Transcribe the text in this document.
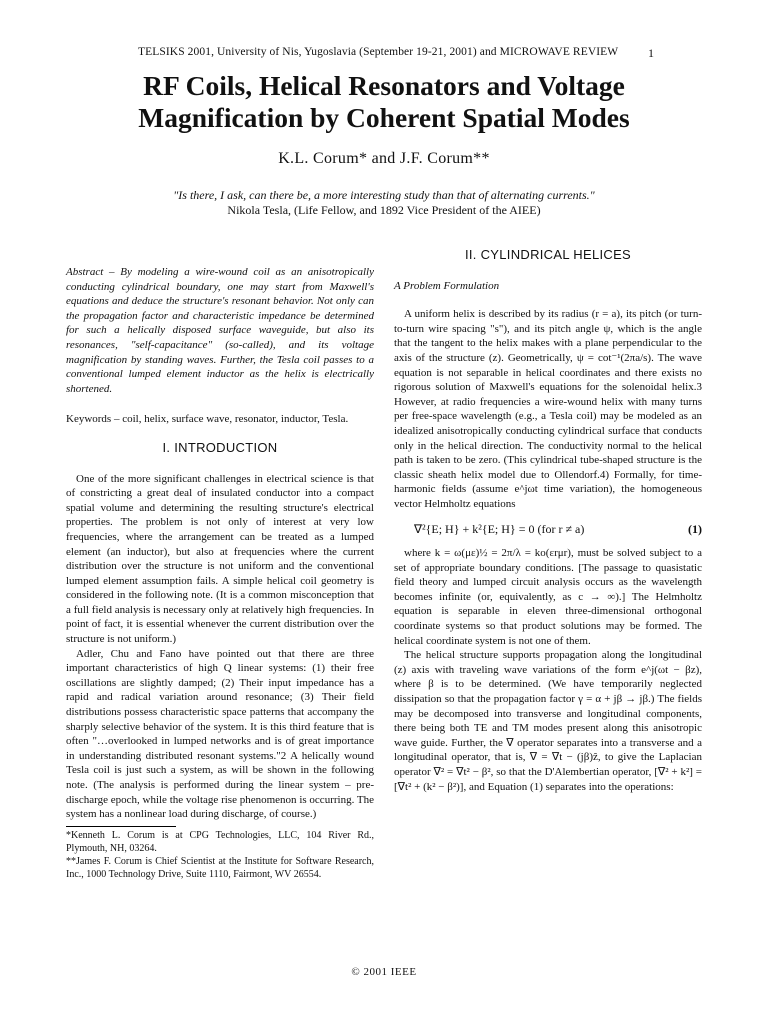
TELSIKS 2001, University of Nis, Yugoslavia (September 19-21, 2001) and MICROWAVE REVIEW	1
RF Coils, Helical Resonators and Voltage Magnification by Coherent Spatial Modes
K.L. Corum* and J.F. Corum**
"Is there, I ask, can there be, a more interesting study than that of alternating currents."
Nikola Tesla, (Life Fellow, and 1892 Vice President of the AIEE)

Abstract – By modeling a wire-wound coil as an anisotropically conducting cylindrical boundary, one may start from Maxwell's equations and deduce the structure's resonant behavior. Not only can the propagation factor and characteristic impedance be determined for such a helically disposed surface waveguide, but also its resonances, "self-capacitance" (so-called), and its voltage magnification by standing waves. Further, the Tesla coil passes to a conventional lumped element inductor as the helix is electrically shortened.

Keywords – coil, helix, surface wave, resonator, inductor, Tesla.

I. INTRODUCTION

One of the more significant challenges in electrical science is that of constricting a great deal of insulated conductor into a compact spatial volume and determining the resulting structure's electrical properties. The problem is not only of interest at very low frequencies, where the arrangement can be treated as a lumped element (an inductor), but also at frequencies where the current distribution over the structure is not uniform and the conventional lumped element assumption fails. A simple helical coil geometry is considered in the following note. (It is a common misconception that a full field analysis is necessary only at relatively high frequencies. In point of fact, it is essential whenever the current distribution over the structure is not uniform.)

Adler, Chu and Fano have pointed out that there are three important characteristics of high Q linear systems: (1) their free oscillations are slightly damped; (2) Their input impedance has a rapid and radical variation around resonance; (3) Their field distributions possess characteristic space patterns that accompany the sharply selective behavior of the system. It is this third feature that is often "…overlooked in lumped networks and is of great importance in understanding distributed resonant systems."2 A helically wound Tesla coil is just such a system, as will be shown in the following note. (The analysis is performed during the linear system – pre-discharge epoch, while the voltage rise phenomenon is occurring. The system has a nonlinear load during discharge, of course.)

*Kenneth L. Corum is at CPG Technologies, LLC, 104 River Rd., Plymouth, NH, 03264.

**James F. Corum is Chief Scientist at the Institute for Software Research, Inc., 1000 Technology Drive, Suite 1110, Fairmont, WV 26554.

II. CYLINDRICAL HELICES
A Problem Formulation

A uniform helix is described by its radius (r = a), its pitch (or turn-to-turn wire spacing "s"), and its pitch angle ψ, which is the angle that the tangent to the helix makes with a plane perpendicular to the axis of the structure (z). Geometrically, ψ = cot⁻¹(2πa/s). The wave equation is not separable in helical coordinates and there exists no rigorous solution of Maxwell's equations for the solenoidal helix.3 However, at radio frequencies a wire-wound helix with many turns per free-space wavelength (e.g., a Tesla coil) may be modeled as an idealized anisotropically conducting cylindrical surface that conducts only in the helical direction. The conductivity normal to the helical path is taken to be zero. (This cylindrical tube-shaped structure is the classic sheath helix model due to Ollendorf.4) Formally, for time-harmonic fields (assume e^jωt time variation), the homogeneous vector Helmholtz equations

∇²{E; H} + k²{E; H} = 0 (for r ≠ a)	(1)

where k = ω(με)½ = 2π/λ = ko(εrμr), must be solved subject to a set of appropriate boundary conditions. [The passage to quasistatic field theory and lumped circuit analysis occurs as the wavelength becomes infinite (or, equivalently, as c → ∞).] The Helmholtz equation is separable in eleven three-dimensional orthogonal coordinate systems so that product solutions may be formed. The helical coordinate system is not one of them.

The helical structure supports propagation along the longitudinal (z) axis with traveling wave variations of the form e^j(ωt − βz), where β is to be determined. (We have temporarily neglected dissipation so that the propagation factor γ = α + jβ → jβ.) The fields may be decomposed into transverse and longitudinal components, there being both TE and TM modes present along this anisotropic wave guide. Further, the ∇ operator separates into a transverse and a longitudinal operator, that is, ∇ = ∇t − (jβ)ẑ, to give the Laplacian operator ∇² = ∇t² − β², so that the D'Alembertian operator, [∇² + k²] = [∇t² + (k² − β²)], and Equation (1) separates into the operations:

© 2001 IEEE
